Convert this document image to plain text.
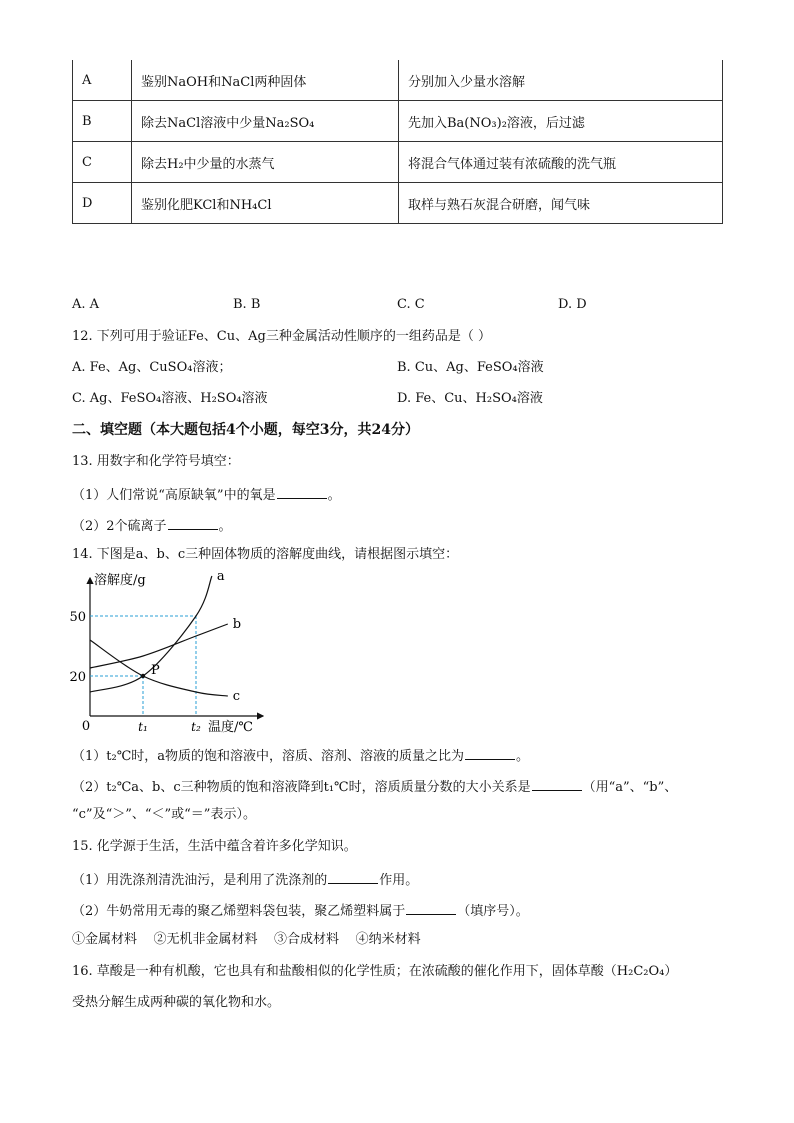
A	鉴别NaOH和NaCl两种固体	分别加入少量水溶解
B	除去NaCl溶液中少量Na₂SO₄	先加入Ba(NO₃)₂溶液，后过滤
C	除去H₂中少量的水蒸气	将混合气体通过装有浓硫酸的洗气瓶
D	鉴别化肥KCl和NH₄Cl	取样与熟石灰混合研磨，闻气味
A. A	B. B	C. C	D. D
12. 下列可用于验证Fe、Cu、Ag三种金属活动性顺序的一组药品是（ ）
A. Fe、Ag、CuSO₄溶液；	B. Cu、Ag、FeSO₄溶液
C. Ag、FeSO₄溶液、H₂SO₄溶液	D. Fe、Cu、H₂SO₄溶液
二、填空题（本大题包括4个小题，每空3分，共24分）
13. 用数字和化学符号填空：
（1）人们常说“高原缺氧”中的氧是	。
（2）2个硫离子	。
14. 下图是a、b、c三种固体物质的溶解度曲线，请根据图示填空：
a
b
c
P
溶解度/g
20
50
0	t₁	t₂ 温度/℃
（1）t₂℃时，a物质的饱和溶液中，溶质、溶剂、溶液的质量之比为	。
（2）t₂℃a、b、c三种物质的饱和溶液降到t₁℃时，溶质质量分数的大小关系是	（用“a”、“b”、
“c”及“＞”、“＜”或“＝”表示）。
15. 化学源于生活，生活中蕴含着许多化学知识。
（1）用洗涤剂清洗油污，是利用了洗涤剂的	作用。
（2）牛奶常用无毒的聚乙烯塑料袋包装，聚乙烯塑料属于	（填序号）。
①金属材料    ②无机非金属材料    ③合成材料    ④纳米材料
16. 草酸是一种有机酸，它也具有和盐酸相似的化学性质；在浓硫酸的催化作用下，固体草酸（H₂C₂O₄）
受热分解生成两种碳的氧化物和水。
